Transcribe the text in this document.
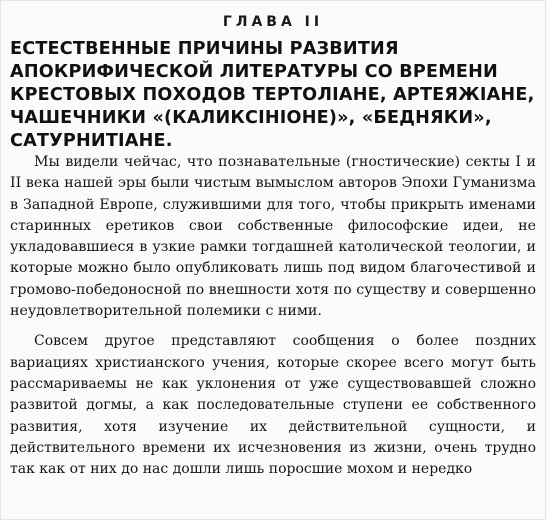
ГЛАВА II
ЕСТЕСТВЕННЫЕ ПРИЧИНЫ РАЗВИТИЯ АПОКРИФИЧЕСКОЙ ЛИТЕРАТУРЫ СО ВРЕМЕНИ КРЕСТОВЫХ ПОХОДОВ ТЕРТОЛІАНЕ, АРТЕЯЖІАНЕ, ЧАШЕЧНИКИ «(КАЛИКСІНІОНЕ)», «БЕДНЯКИ», САТУРНИТІАНЕ.

Мы видели чейчас, что познавательные (гностические) секты I и II века нашей эры были чистым вымыслом авторов Эпохи Гуманизма в Западной Европе, служившими для того, чтобы прикрыть именами старинных еретиков свои собственные философские идеи, не укладовавшиеся в узкие рамки тогдашней католической теологии, и которые можно было опубликовать лишь под видом благочестивой и громово-победоносной по внешности хотя по существу и совершенно неудовлетворительной полемики с ними.

Совсем другое представляют сообщения о более поздних вариациях христианского учения, которые скорее всего могут быть рассмариваемы не как уклонения от уже существовавшей сложно развитой догмы, а как последовательные ступени ее собственного развития, хотя изучение их действительной сущности, и действительного времени их исчезновения из жизни, очень трудно так как от них до нас дошли лишь поросшие мохом и нередко
